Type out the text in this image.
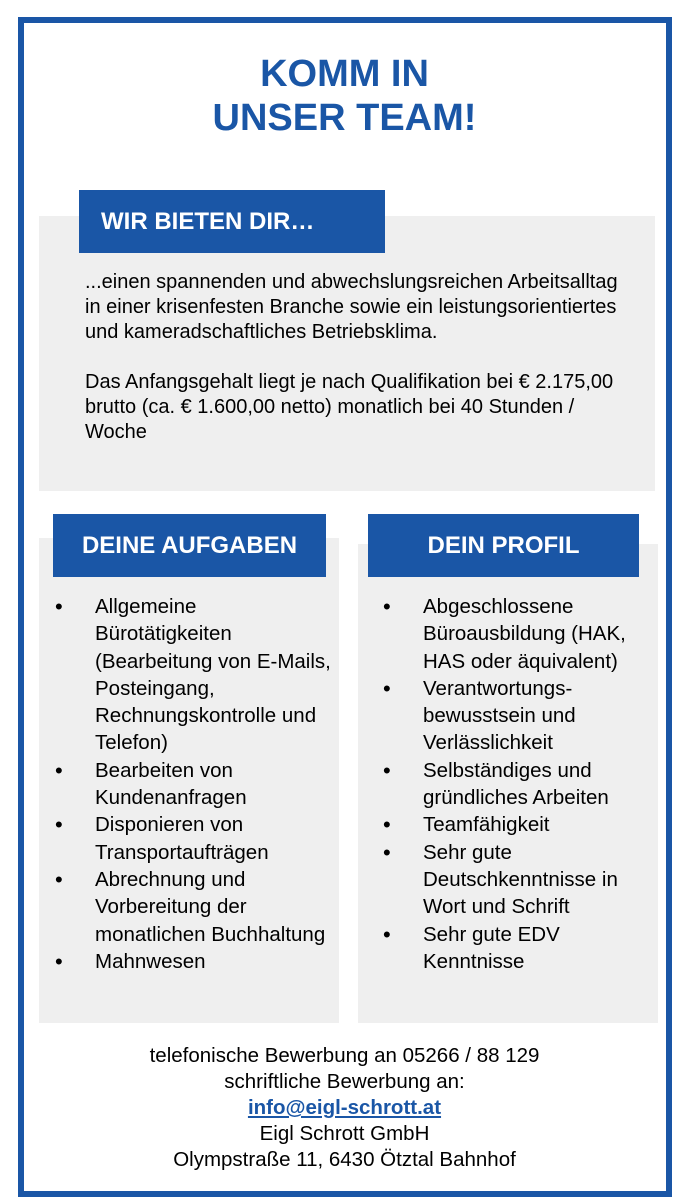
KOMM IN
UNSER TEAM!
WIR BIETEN DIR…

...einen spannenden und abwechslungsreichen Arbeitsalltag in einer krisenfesten Branche sowie ein leistungsorientiertes und kameradschaftliches Betriebsklima.

Das Anfangsgehalt liegt je nach Qualifikation bei € 2.175,00 brutto (ca. € 1.600,00 netto) monatlich bei 40 Stunden / Woche

DEINE AUFGABEN
• Allgemeine Bürotätigkeiten (Bearbeitung von E-Mails, Posteingang, Rechnungskontrolle und Telefon)
• Bearbeiten von Kundenanfragen
• Disponieren von Transportaufträgen
• Abrechnung und Vorbereitung der monatlichen Buchhaltung
• Mahnwesen
DEIN PROFIL
• Abgeschlossene Büroausbildung (HAK, HAS oder äquivalent)
• Verantwortungs-bewusstsein und Verlässlichkeit
• Selbständiges und gründliches Arbeiten
• Teamfähigkeit
• Sehr gute Deutschkenntnisse in Wort und Schrift
• Sehr gute EDV Kenntnisse
telefonische Bewerbung an 05266 / 88 129
schriftliche Bewerbung an:
info@eigl-schrott.at
Eigl Schrott GmbH
Olympstraße 11, 6430 Ötztal Bahnhof
